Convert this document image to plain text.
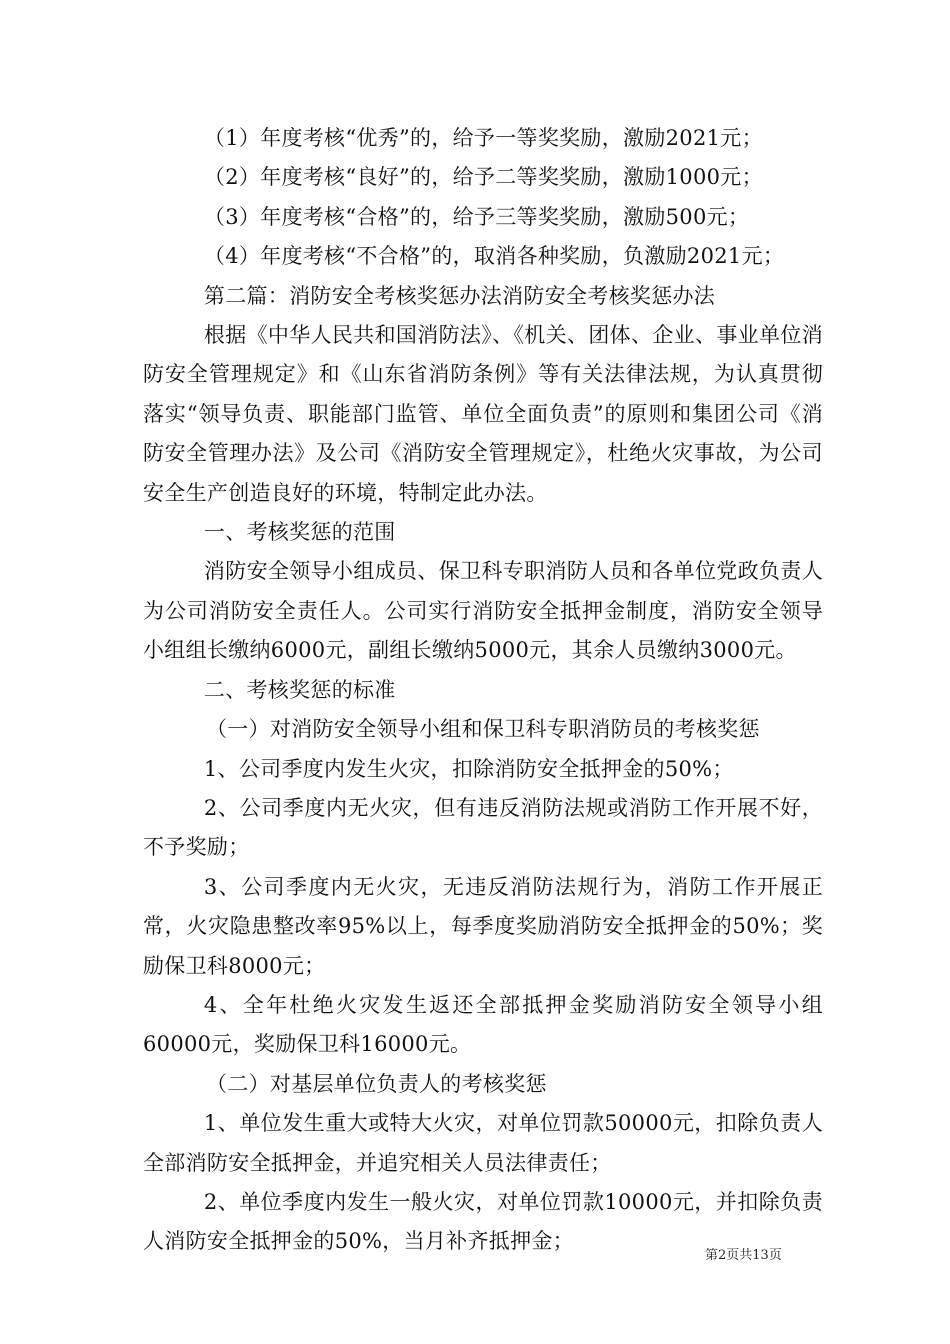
（1）年度考核“优秀”的，给予一等奖奖励，激励2021元；

（2）年度考核“良好”的，给予二等奖奖励，激励1000元；

（3）年度考核“合格”的，给予三等奖奖励，激励500元；

（4）年度考核“不合格”的，取消各种奖励，负激励2021元；

第二篇：消防安全考核奖惩办法消防安全考核奖惩办法

根据《中华人民共和国消防法》、《机关、团体、企业、事业单位消防安全管理规定》和《山东省消防条例》等有关法律法规，为认真贯彻落实“领导负责、职能部门监管、单位全面负责”的原则和集团公司《消防安全管理办法》及公司《消防安全管理规定》，杜绝火灾事故，为公司安全生产创造良好的环境，特制定此办法。

一、考核奖惩的范围

消防安全领导小组成员、保卫科专职消防人员和各单位党政负责人为公司消防安全责任人。公司实行消防安全抵押金制度，消防安全领导小组组长缴纳6000元，副组长缴纳5000元，其余人员缴纳3000元。

二、考核奖惩的标准

（一）对消防安全领导小组和保卫科专职消防员的考核奖惩

1、公司季度内发生火灾，扣除消防安全抵押金的50%；

2、公司季度内无火灾，但有违反消防法规或消防工作开展不好，不予奖励；

3、公司季度内无火灾，无违反消防法规行为，消防工作开展正常，火灾隐患整改率95%以上，每季度奖励消防安全抵押金的50%；奖励保卫科8000元；

4、全年杜绝火灾发生返还全部抵押金奖励消防安全领导小组60000元，奖励保卫科16000元。

（二）对基层单位负责人的考核奖惩

1、单位发生重大或特大火灾，对单位罚款50000元，扣除负责人全部消防安全抵押金，并追究相关人员法律责任；

2、单位季度内发生一般火灾，对单位罚款10000元，并扣除负责人消防安全抵押金的50%，当月补齐抵押金；

第2页共13页
